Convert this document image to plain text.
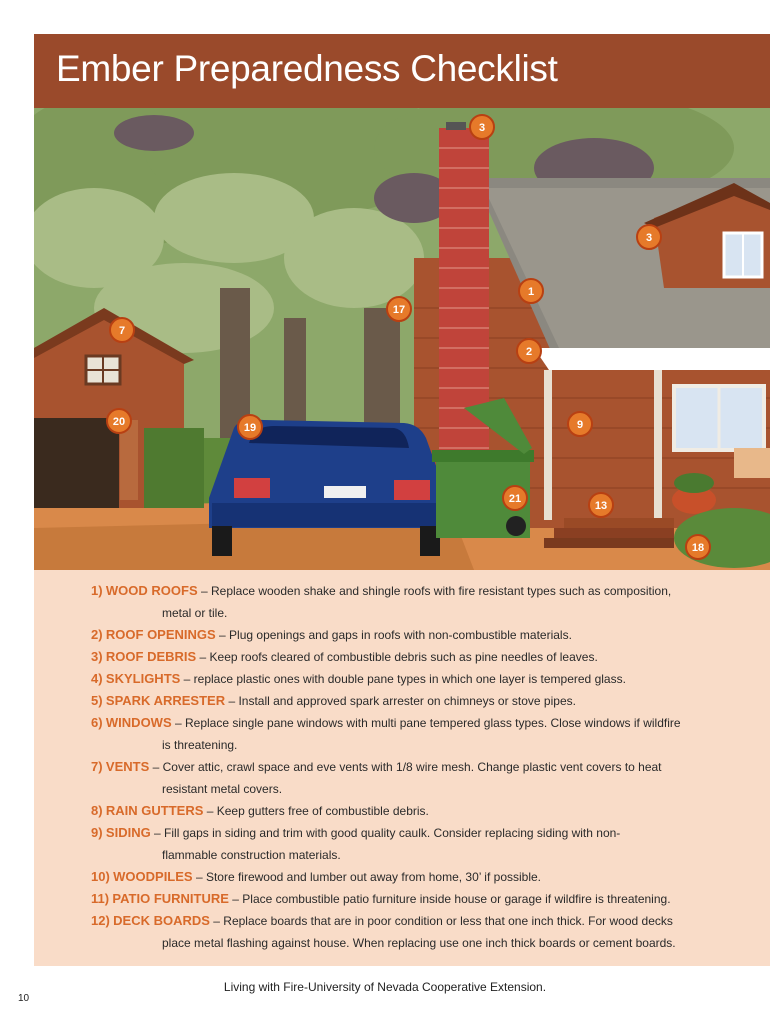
Ember Preparedness Checklist
3
3
1
2
17
7
20	19	9
21
13
18
1) WOOD ROOFS – Replace wooden shake and shingle roofs with fire resistant types such as composition,
metal or tile.
2) ROOF OPENINGS – Plug openings and gaps in roofs with non-combustible materials.
3) ROOF DEBRIS – Keep roofs cleared of combustible debris such as pine needles of leaves.
4) SKYLIGHTS – replace plastic ones with double pane types in which one layer is tempered glass.
5) SPARK ARRESTER – Install and approved spark arrester on chimneys or stove pipes.
6) WINDOWS – Replace single pane windows with multi pane tempered glass types. Close windows if wildfire
is threatening.
7) VENTS – Cover attic, crawl space and eve vents with 1/8 wire mesh. Change plastic vent covers to heat
resistant metal covers.
8) RAIN GUTTERS – Keep gutters free of combustible debris.
9) SIDING – Fill gaps in siding and trim with good quality caulk. Consider replacing siding with non-
flammable construction materials.
10) WOODPILES – Store firewood and lumber out away from home, 30’ if possible.
11) PATIO FURNITURE – Place combustible patio furniture inside house or garage if wildfire is threatening.
12) DECK BOARDS – Replace boards that are in poor condition or less that one inch thick. For wood decks
place metal flashing against house. When replacing use one inch thick boards or cement boards.
Living with Fire-University of Nevada Cooperative Extension.
10
